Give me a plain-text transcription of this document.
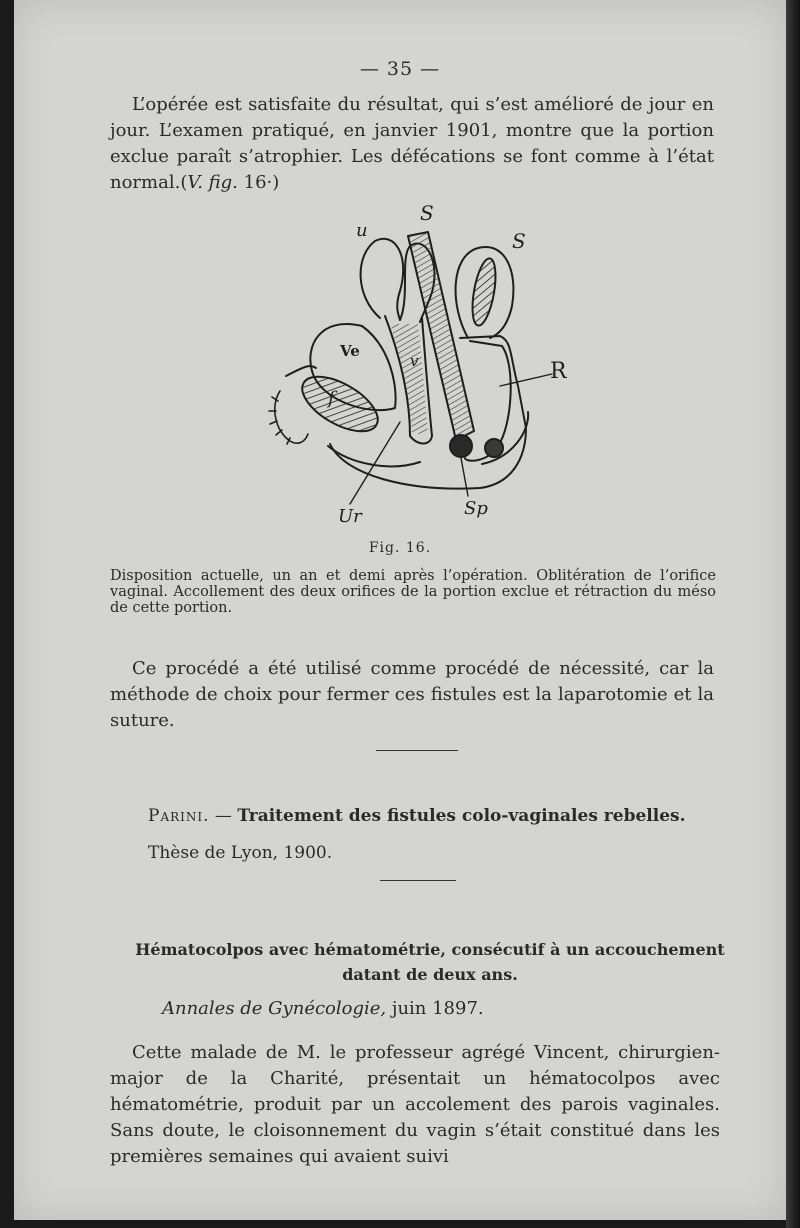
— 35 —

L’opérée est satisfaite du résultat, qui s’est amélioré de jour en jour. L’examen pratiqué, en janvier 1901, montre que la portion exclue paraît s’atrophier. Les défécations se font comme à l’état normal.(V. fig. 16·)

u
S
S
Ve
v
f
R
Ur	Sp
Fig. 16.

Disposition actuelle, un an et demi après l’opération. Oblitération de l’orifice vaginal. Accollement des deux orifices de la portion exclue et rétraction du méso de cette portion.

Ce procédé a été utilisé comme procédé de nécessité, car la méthode de choix pour fermer ces fistules est la laparotomie et la suture.

Parini. — Traitement des fistules colo-vaginales rebelles.
Thèse de Lyon, 1900.

Hématocolpos avec hématométrie, consécutif à un accouchement
datant de deux ans.

Annales de Gynécologie, juin 1897.

Cette malade de M. le professeur agrégé Vincent, chirurgien-major de la Charité, présentait un hématocolpos avec hématométrie, produit par un accolement des parois vaginales. Sans doute, le cloisonnement du vagin s’était constitué dans les premières semaines qui avaient suivi
